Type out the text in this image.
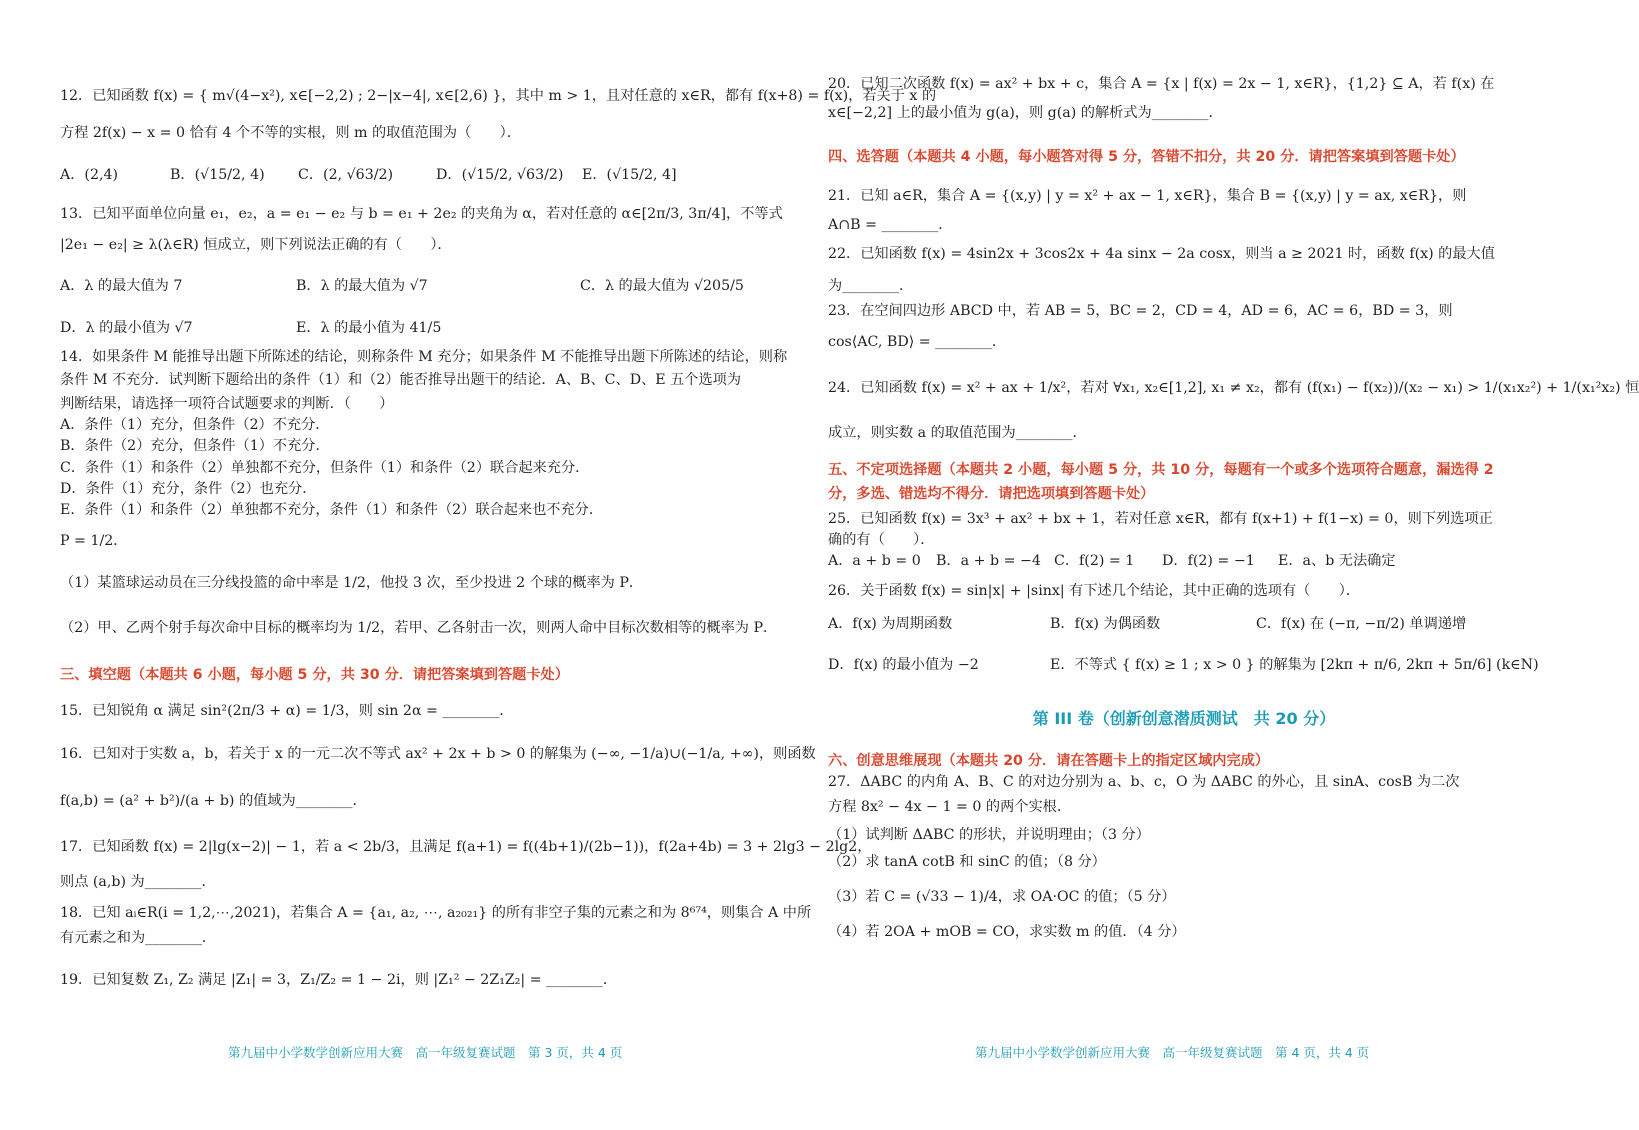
12．已知函数 f(x) = { m√(4−x²), x∈[−2,2) ; 2−|x−4|, x∈[2,6) }，其中 m > 1，且对任意的 x∈R，都有 f(x+8) = f(x)，若关于 x 的

方程 2f(x) − x = 0 恰有 4 个不等的实根，则 m 的取值范围为（　　）．

A．(2,4)	B．(√15/2, 4)	C．(2, √63/2)	D．(√15/2, √63/2)	E．(√15/2, 4]

13．已知平面单位向量 e₁，e₂，a = e₁ − e₂ 与 b = e₁ + 2e₂ 的夹角为 α，若对任意的 α∈[2π/3, 3π/4]，不等式

|2e₁ − e₂| ≥ λ(λ∈R) 恒成立，则下列说法正确的有（　　）．

A．λ 的最大值为 7	B．λ 的最大值为 √7	C．λ 的最大值为 √205/5
D．λ 的最小值为 √7	E．λ 的最小值为 41/5

14．如果条件 M 能推导出题下所陈述的结论，则称条件 M 充分；如果条件 M 不能推导出题下所陈述的结论，则称

条件 M 不充分．试判断下题给出的条件（1）和（2）能否推导出题干的结论．A、B、C、D、E 五个选项为

判断结果，请选择一项符合试题要求的判断．（　　）

A．条件（1）充分，但条件（2）不充分．

B．条件（2）充分，但条件（1）不充分．

C．条件（1）和条件（2）单独都不充分，但条件（1）和条件（2）联合起来充分．

D．条件（1）充分，条件（2）也充分．

E．条件（1）和条件（2）单独都不充分，条件（1）和条件（2）联合起来也不充分．

P = 1/2．

（1）某篮球运动员在三分线投篮的命中率是 1/2，他投 3 次，至少投进 2 个球的概率为 P．

（2）甲、乙两个射手每次命中目标的概率均为 1/2，若甲、乙各射击一次，则两人命中目标次数相等的概率为 P．

三、填空题（本题共 6 小题，每小题 5 分，共 30 分．请把答案填到答题卡处）

15．已知锐角 α 满足 sin²(2π/3 + α) = 1/3，则 sin 2α = ________．

16．已知对于实数 a，b，若关于 x 的一元二次不等式 ax² + 2x + b > 0 的解集为 (−∞, −1/a)∪(−1/a, +∞)，则函数

f(a,b) = (a² + b²)/(a + b) 的值域为________．

17．已知函数 f(x) = 2|lg(x−2)| − 1，若 a < 2b/3，且满足 f(a+1) = f((4b+1)/(2b−1))，f(2a+4b) = 3 + 2lg3 − 2lg2，

则点 (a,b) 为________．

18．已知 aᵢ∈R(i = 1,2,⋯,2021)，若集合 A = {a₁, a₂, ⋯, a₂₀₂₁} 的所有非空子集的元素之和为 8⁶⁷⁴，则集合 A 中所

有元素之和为________．

19．已知复数 Z₁, Z₂ 满足 |Z₁| = 3，Z₁/Z₂ = 1 − 2i，则 |Z₁² − 2Z₁Z₂| = ________．

20．已知二次函数 f(x) = ax² + bx + c，集合 A = {x | f(x) = 2x − 1, x∈R}，{1,2} ⊆ A，若 f(x) 在

x∈[−2,2] 上的最小值为 g(a)，则 g(a) 的解析式为________．

四、选答题（本题共 4 小题，每小题答对得 5 分，答错不扣分，共 20 分．请把答案填到答题卡处）

21．已知 a∈R，集合 A = {(x,y) | y = x² + ax − 1, x∈R}，集合 B = {(x,y) | y = ax, x∈R}，则

A∩B = ________．

22．已知函数 f(x) = 4sin2x + 3cos2x + 4a sinx − 2a cosx，则当 a ≥ 2021 时，函数 f(x) 的最大值

为________．

23．在空间四边形 ABCD 中，若 AB = 5，BC = 2，CD = 4，AD = 6，AC = 6，BD = 3，则

cos⟨AC, BD⟩ = ________．

24．已知函数 f(x) = x² + ax + 1/x²，若对 ∀x₁, x₂∈[1,2], x₁ ≠ x₂，都有 (f(x₁) − f(x₂))/(x₂ − x₁) > 1/(x₁x₂²) + 1/(x₁²x₂) 恒

成立，则实数 a 的取值范围为________．

五、不定项选择题（本题共 2 小题，每小题 5 分，共 10 分，每题有一个或多个选项符合题意，漏选得 2

分，多选、错选均不得分．请把选项填到答题卡处）

25．已知函数 f(x) = 3x³ + ax² + bx + 1，若对任意 x∈R，都有 f(x+1) + f(1−x) = 0，则下列选项正

确的有（　　）．

A．a + b = 0	B．a + b = −4 C．f(2) = 1	D．f(2) = −1	E．a、b 无法确定

26．关于函数 f(x) = sin|x| + |sinx| 有下述几个结论，其中正确的选项有（　　）．

A．f(x) 为周期函数	B．f(x) 为偶函数	C．f(x) 在 (−π, −π/2) 单调递增
D．f(x) 的最小值为 −2	E．不等式 { f(x) ≥ 1 ; x > 0 } 的解集为 [2kπ + π/6, 2kπ + 5π/6] (k∈N)

第 III 卷（创新创意潜质测试　共 20 分）

六、创意思维展现（本题共 20 分．请在答题卡上的指定区域内完成）

27．ΔABC 的内角 A、B、C 的对边分别为 a、b、c，O 为 ΔABC 的外心，且 sinA、cosB 为二次

方程 8x² − 4x − 1 = 0 的两个实根．

（1）试判断 ΔABC 的形状，并说明理由；（3 分）

（2）求 tanA cotB 和 sinC 的值；（8 分）

（3）若 C = (√33 − 1)/4，求 OA·OC 的值；（5 分）

（4）若 2OA + mOB = CO，求实数 m 的值．（4 分）

第九届中小学数学创新应用大赛　高一年级复赛试题　第 3 页，共 4 页	第九届中小学数学创新应用大赛　高一年级复赛试题　第 4 页，共 4 页
